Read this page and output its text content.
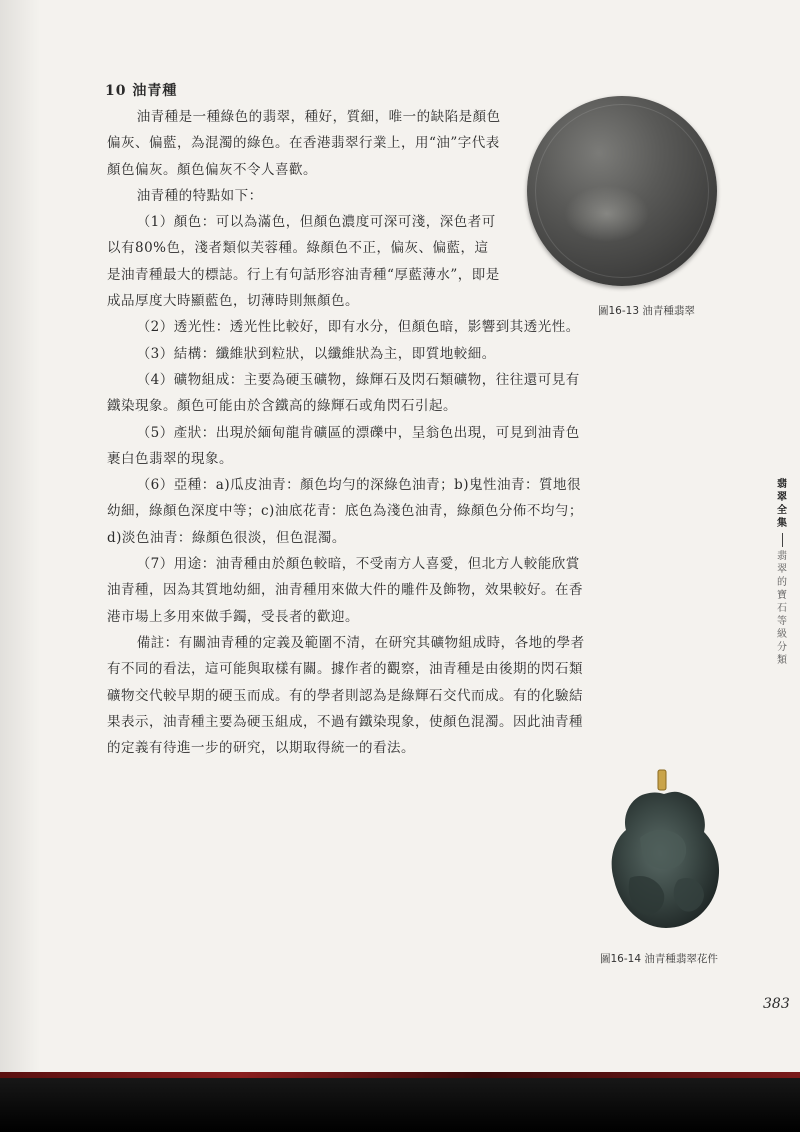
10 油青種

油青種是一種綠色的翡翠，種好，質細，唯一的缺陷是顏色偏灰、偏藍，為混濁的綠色。在香港翡翠行業上，用“油”字代表顏色偏灰。顏色偏灰不令人喜歡。

油青種的特點如下：

（1）顏色：可以為滿色，但顏色濃度可深可淺，深色者可以有80%色，淺者類似芙蓉種。綠顏色不正，偏灰、偏藍，這是油青種最大的標誌。行上有句話形容油青種“厚藍薄水”，即是成品厚度大時顯藍色，切薄時則無顏色。

（2）透光性：透光性比較好，即有水分，但顏色暗，影響到其透光性。

（3）結構：纖維狀到粒狀，以纖維狀為主，即質地較細。

（4）礦物組成：主要為硬玉礦物，綠輝石及閃石類礦物，往往還可見有鐵染現象。顏色可能由於含鐵高的綠輝石或角閃石引起。

（5）產狀：出現於緬甸龍肯礦區的漂礫中，呈翁色出現，可見到油青色裹白色翡翠的現象。

（6）亞種：a)瓜皮油青：顏色均勻的深綠色油青；b)鬼性油青：質地很幼細，綠顏色深度中等；c)油底花青：底色為淺色油青，綠顏色分佈不均勻；d)淡色油青：綠顏色很淡，但色混濁。

（7）用途：油青種由於顏色較暗，不受南方人喜愛，但北方人較能欣賞油青種，因為其質地幼細，油青種用來做大件的雕件及飾物，效果較好。在香港市場上多用來做手鐲，受長者的歡迎。

備註：有關油青種的定義及範圍不清，在研究其礦物組成時，各地的學者有不同的看法，這可能與取樣有關。據作者的觀察，油青種是由後期的閃石類礦物交代較早期的硬玉而成。有的學者則認為是綠輝石交代而成。有的化驗結果表示，油青種主要為硬玉組成，不過有鐵染現象，使顏色混濁。因此油青種的定義有待進一步的研究，以期取得統一的看法。

圖16-13 油青種翡翠
翡
翠
全
集
翡
翠
的
寶
石
等
級
分
類
圖16-14 油青種翡翠花件
383
